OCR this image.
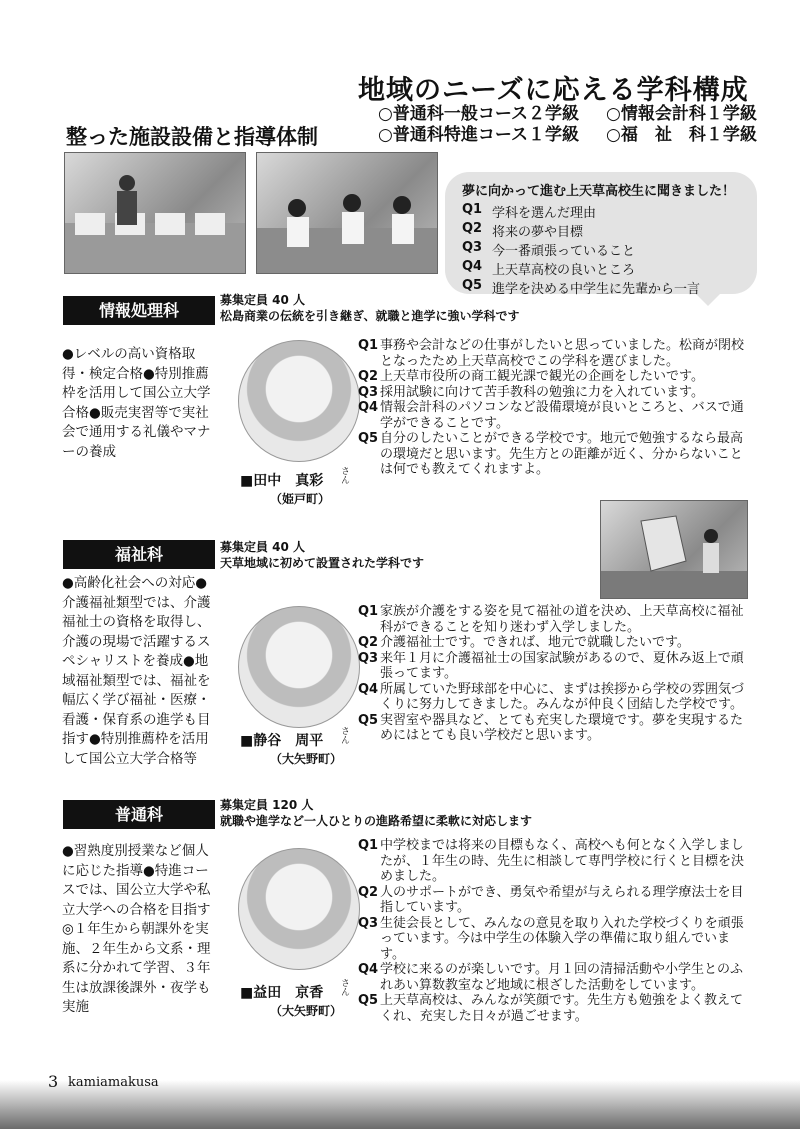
地域のニーズに応える学科構成
○普通科一般コース２学級	○情報会計科１学級
○普通科特進コース１学級	○福　祉　科１学級
整った施設設備と指導体制
夢に向かって進む上天草高校生に聞きました！
Q1 学科を選んだ理由
Q2 将来の夢や目標
Q3 今一番頑張っていること
Q4 上天草高校の良いところ
Q5 進学を決める中学生に先輩から一言
情報処理科
募集定員 40 人
松島商業の伝統を引き継ぎ、就職と進学に強い学科です
●レベルの高い資格取得・検定合格●特別推薦枠を活用して国公立大学合格●販売実習等で実社会で通用する礼儀やマナーの養成
■田中　真彩 さん
（姫戸町）
Q1 事務や会計などの仕事がしたいと思っていました。松商が閉校となったため上天草高校でこの学科を選びました。
Q2 上天草市役所の商工観光課で観光の企画をしたいです。
Q3 採用試験に向けて苦手教科の勉強に力を入れています。
Q4 情報会計科のパソコンなど設備環境が良いところと、バスで通学ができることです。
Q5 自分のしたいことができる学校です。地元で勉強するなら最高の環境だと思います。先生方との距離が近く、分からないことは何でも教えてくれますよ。
福祉科	募集定員 40 人
天草地域に初めて設置された学科です
●高齢化社会への対応●介護福祉類型では、介護福祉士の資格を取得し、介護の現場で活躍するスペシャリストを養成●地域福祉類型では、福祉を幅広く学び福祉・医療・看護・保育系の進学も目指す●特別推薦枠を活用して国公立大学合格等
■静谷　周平 さん
（大矢野町）
Q1 家族が介護をする姿を見て福祉の道を決め、上天草高校に福祉科ができることを知り迷わず入学しました。
Q2 介護福祉士です。できれば、地元で就職したいです。
Q3 来年１月に介護福祉士の国家試験があるので、夏休み返上で頑張ってます。
Q4 所属していた野球部を中心に、まずは挨拶から学校の雰囲気づくりに努力してきました。みんなが仲良く団結した学校です。
Q5 実習室や器具など、とても充実した環境です。夢を実現するためにはとても良い学校だと思います。
普通科	募集定員 120 人
就職や進学など一人ひとりの進路希望に柔軟に対応します
●習熟度別授業など個人に応じた指導●特進コースでは、国公立大学や私立大学への合格を目指す◎１年生から朝課外を実施、２年生から文系・理系に分かれて学習、３年生は放課後課外・夜学も実施
■益田　京香 さん
（大矢野町）
Q1 中学校までは将来の目標もなく、高校へも何となく入学しましたが、１年生の時、先生に相談して専門学校に行くと目標を決めました。
Q2 人のサポートができ、勇気や希望が与えられる理学療法士を目指しています。
Q3 生徒会長として、みんなの意見を取り入れた学校づくりを頑張っています。今は中学生の体験入学の準備に取り組んでいます。
Q4 学校に来るのが楽しいです。月１回の清掃活動や小学生とのふれあい算数教室など地域に根ざした活動をしています。
Q5 上天草高校は、みんなが笑顔です。先生方も勉強をよく教えてくれ、充実した日々が過ごせます。
3 kamiamakusa
